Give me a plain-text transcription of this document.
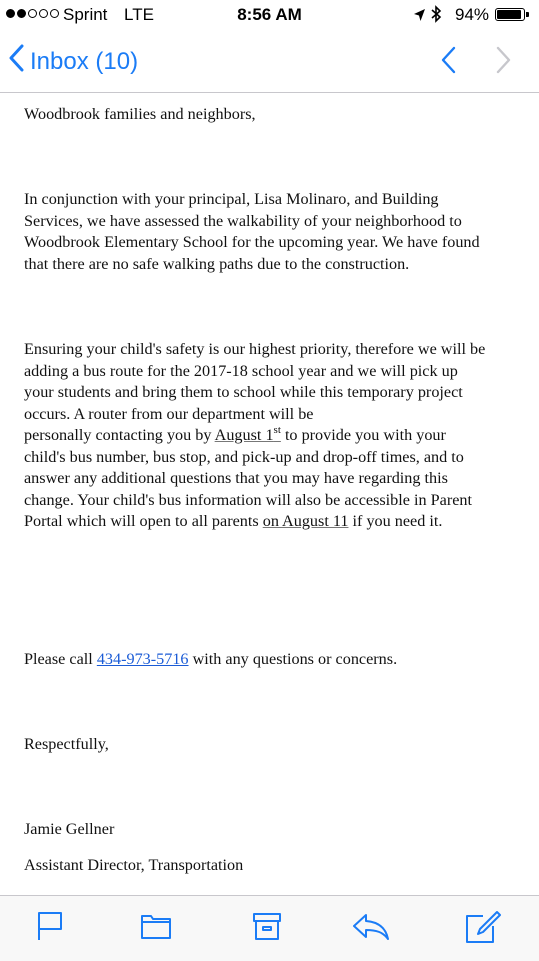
Sprint LTE	8:56 AM	94%
Inbox (10)

Woodbrook families and neighbors,

In conjunction with your principal, Lisa Molinaro, and Building

Services, we have assessed the walkability of your neighborhood to

Woodbrook Elementary School for the upcoming year. We have found

that there are no safe walking paths due to the construction.

Ensuring your child's safety is our highest priority, therefore we will be

adding a bus route for the 2017-18 school year and we will pick up

your students and bring them to school while this temporary project

occurs. A router from our department will be

personally contacting you by August 1st to provide you with your

child's bus number, bus stop, and pick-up and drop-off times, and to

answer any additional questions that you may have regarding this

change. Your child's bus information will also be accessible in Parent

Portal which will open to all parents on August 11 if you need it.

Please call 434-973-5716 with any questions or concerns.

Respectfully,

Jamie Gellner

Assistant Director, Transportation
